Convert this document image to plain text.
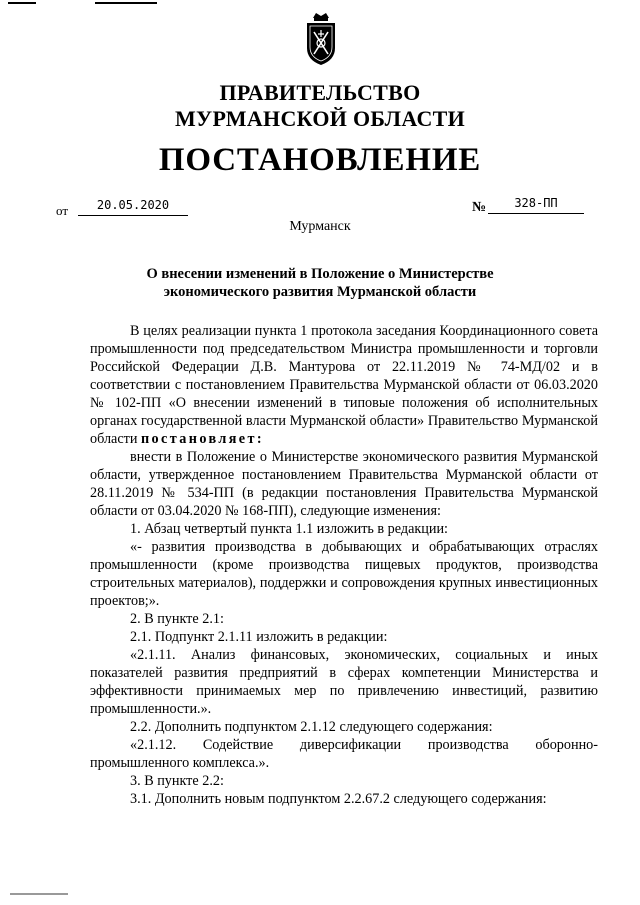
ПРАВИТЕЛЬСТВО
МУРМАНСКОЙ ОБЛАСТИ
ПОСТАНОВЛЕНИЕ
от	20.05.2020	№	328-ПП
Мурманск
О внесении изменений в Положение о Министерстве
экономического развития Мурманской области

В целях реализации пункта 1 протокола заседания Координационного совета промышленности под председательством Министра промышленности и торговли Российской Федерации Д.В. Мантурова от 22.11.2019 № 74-МД/02 и в соответствии с постановлением Правительства Мурманской области от 06.03.2020 № 102-ПП «О внесении изменений в типовые положения об исполнительных органах государственной власти Мурманской области» Правительство Мурманской области постановляет:

внести в Положение о Министерстве экономического развития Мурманской области, утвержденное постановлением Правительства Мурманской области от 28.11.2019 № 534-ПП (в редакции постановления Правительства Мурманской области от 03.04.2020 № 168-ПП), следующие изменения:

1. Абзац четвертый пункта 1.1 изложить в редакции:

«- развития производства в добывающих и обрабатывающих отраслях промышленности (кроме производства пищевых продуктов, производства строительных материалов), поддержки и сопровождения крупных инвестиционных проектов;».

2. В пункте 2.1:

2.1. Подпункт 2.1.11 изложить в редакции:

«2.1.11. Анализ финансовых, экономических, социальных и иных показателей развития предприятий в сферах компетенции Министерства и эффективности принимаемых мер по привлечению инвестиций, развитию промышленности.».

2.2. Дополнить подпунктом 2.1.12 следующего содержания:

«2.1.12. Содействие диверсификации производства оборонно-промышленного комплекса.».

3. В пункте 2.2:

3.1. Дополнить новым подпунктом 2.2.67.2 следующего содержания:
